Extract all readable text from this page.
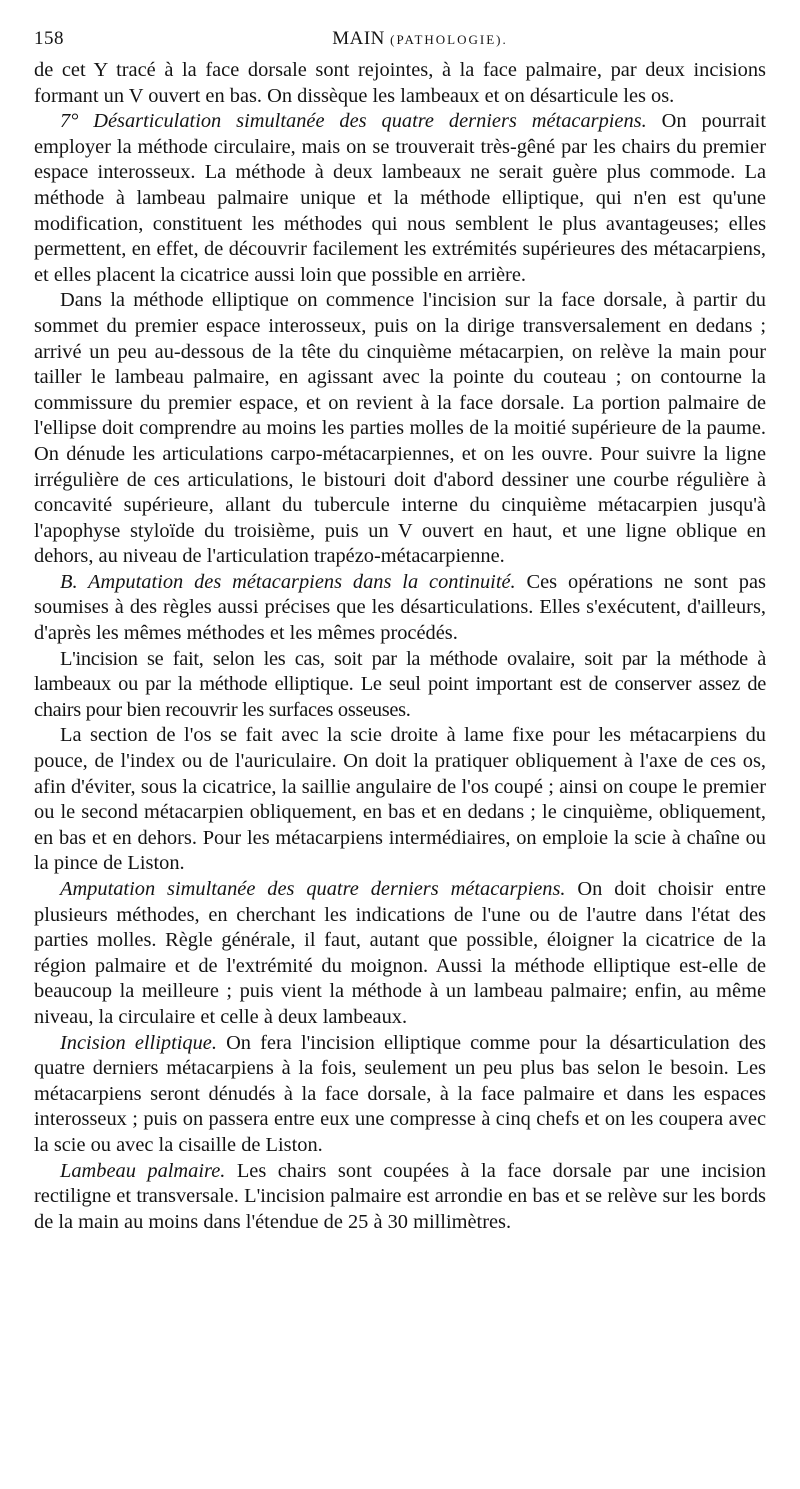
158	MAIN (PATHOLOGIE).

de cet Y tracé à la face dorsale sont rejointes, à la face palmaire, par deux incisions formant un V ouvert en bas. On dissèque les lambeaux et on désarticule les os.

7° Désarticulation simultanée des quatre derniers métacarpiens. On pourrait employer la méthode circulaire, mais on se trouverait très-gêné par les chairs du premier espace interosseux. La méthode à deux lambeaux ne serait guère plus commode. La méthode à lambeau palmaire unique et la méthode elliptique, qui n'en est qu'une modification, constituent les méthodes qui nous semblent le plus avantageuses; elles permettent, en effet, de découvrir facilement les extrémités supérieures des métacarpiens, et elles placent la cicatrice aussi loin que possible en arrière.

Dans la méthode elliptique on commence l'incision sur la face dorsale, à partir du sommet du premier espace interosseux, puis on la dirige transversalement en dedans ; arrivé un peu au-dessous de la tête du cinquième métacarpien, on relève la main pour tailler le lambeau palmaire, en agissant avec la pointe du couteau ; on contourne la commissure du premier espace, et on revient à la face dorsale. La portion palmaire de l'ellipse doit comprendre au moins les parties molles de la moitié supérieure de la paume. On dénude les articulations carpo-métacarpiennes, et on les ouvre. Pour suivre la ligne irrégulière de ces articulations, le bistouri doit d'abord dessiner une courbe régulière à concavité supérieure, allant du tubercule interne du cinquième métacarpien jusqu'à l'apophyse styloïde du troisième, puis un V ouvert en haut, et une ligne oblique en dehors, au niveau de l'articulation trapézo-métacarpienne.

B. Amputation des métacarpiens dans la continuité. Ces opérations ne sont pas soumises à des règles aussi précises que les désarticulations. Elles s'exécutent, d'ailleurs, d'après les mêmes méthodes et les mêmes procédés.

L'incision se fait, selon les cas, soit par la méthode ovalaire, soit par la méthode à lambeaux ou par la méthode elliptique. Le seul point important est de conserver assez de chairs pour bien recouvrir les surfaces osseuses.

La section de l'os se fait avec la scie droite à lame fixe pour les métacarpiens du pouce, de l'index ou de l'auriculaire. On doit la pratiquer obliquement à l'axe de ces os, afin d'éviter, sous la cicatrice, la saillie angulaire de l'os coupé ; ainsi on coupe le premier ou le second métacarpien obliquement, en bas et en dedans ; le cinquième, obliquement, en bas et en dehors. Pour les métacarpiens intermédiaires, on emploie la scie à chaîne ou la pince de Liston.

Amputation simultanée des quatre derniers métacarpiens. On doit choisir entre plusieurs méthodes, en cherchant les indications de l'une ou de l'autre dans l'état des parties molles. Règle générale, il faut, autant que possible, éloigner la cicatrice de la région palmaire et de l'extrémité du moignon. Aussi la méthode elliptique est-elle de beaucoup la meilleure ; puis vient la méthode à un lambeau palmaire; enfin, au même niveau, la circulaire et celle à deux lambeaux.

Incision elliptique. On fera l'incision elliptique comme pour la désarticulation des quatre derniers métacarpiens à la fois, seulement un peu plus bas selon le besoin. Les métacarpiens seront dénudés à la face dorsale, à la face palmaire et dans les espaces interosseux ; puis on passera entre eux une compresse à cinq chefs et on les coupera avec la scie ou avec la cisaille de Liston.

Lambeau palmaire. Les chairs sont coupées à la face dorsale par une incision rectiligne et transversale. L'incision palmaire est arrondie en bas et se relève sur les bords de la main au moins dans l'étendue de 25 à 30 millimètres.
